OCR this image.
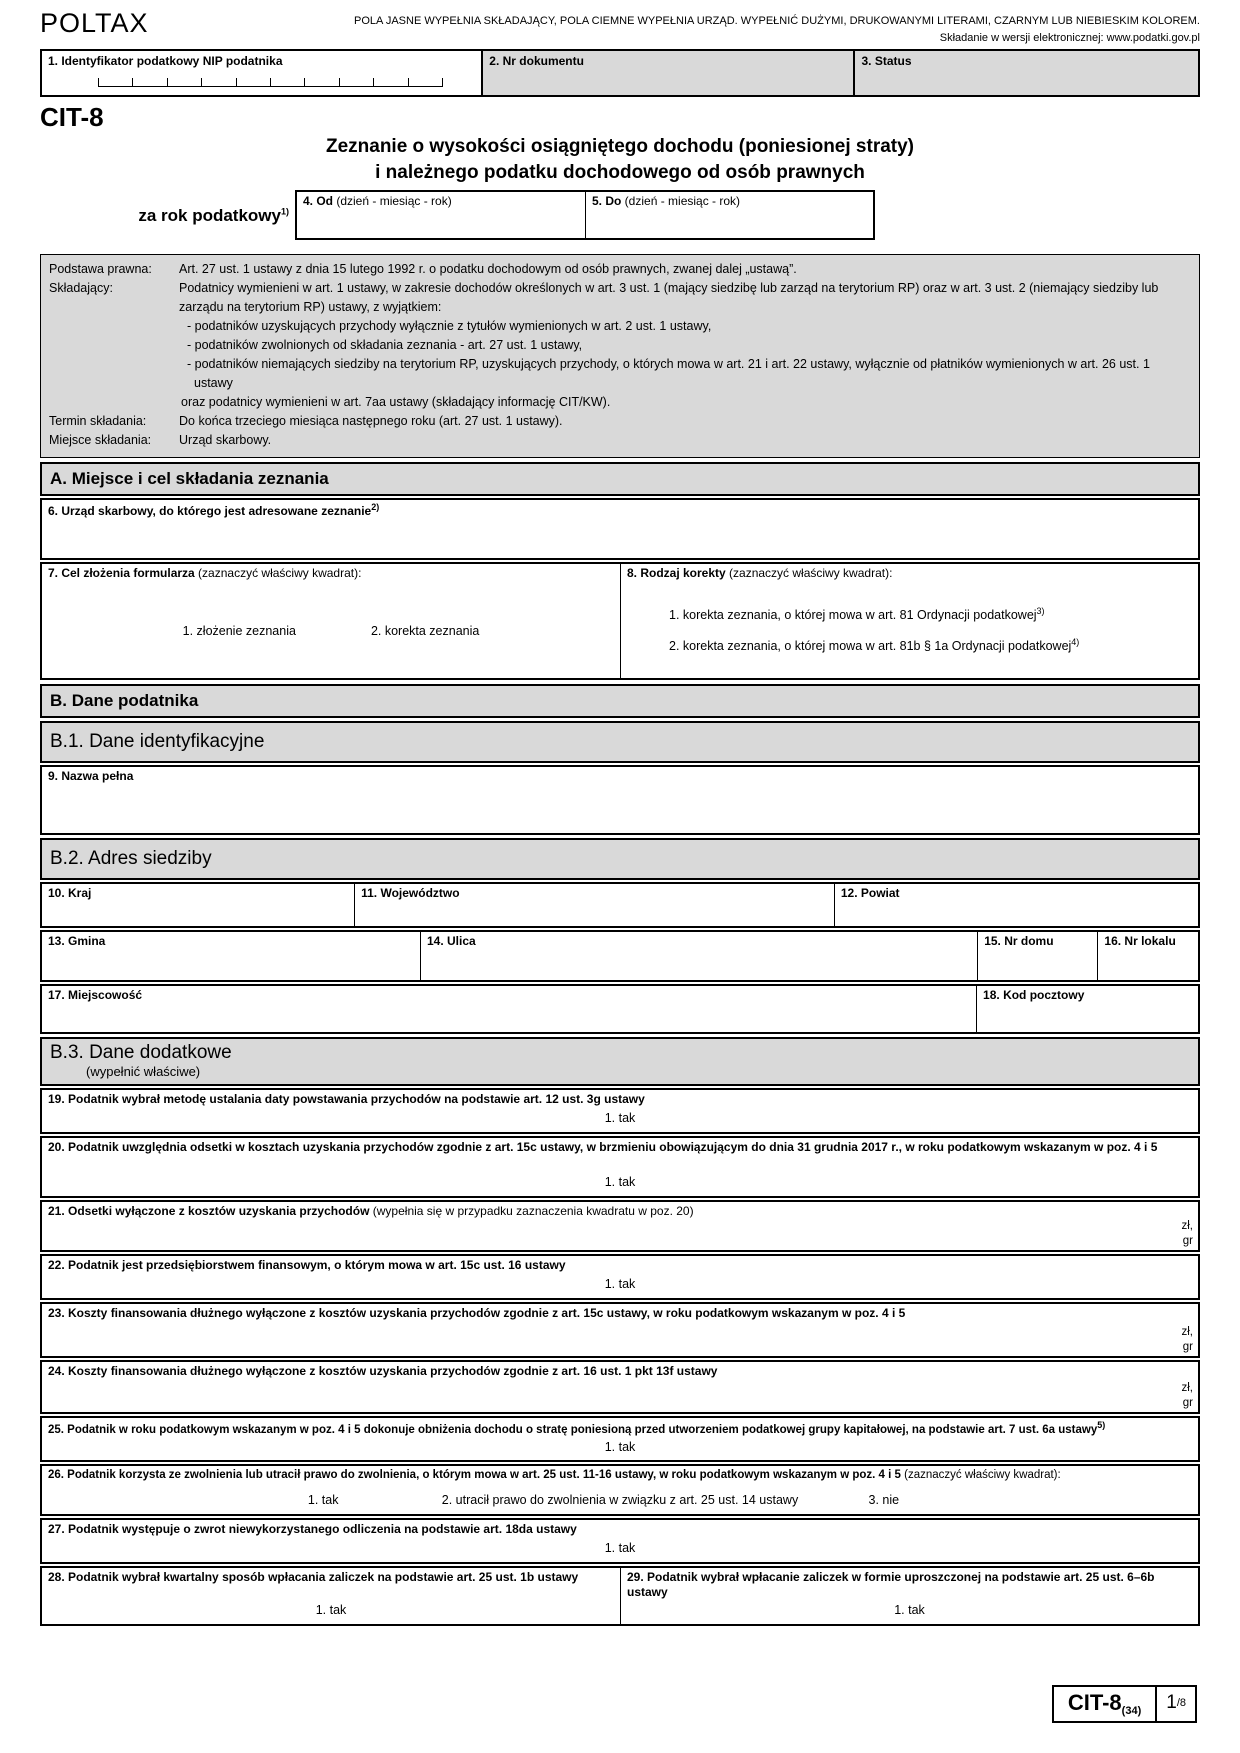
POLTAX	POLA JASNE WYPEŁNIA SKŁADAJĄCY, POLA CIEMNE WYPEŁNIA URZĄD. WYPEŁNIĆ DUŻYMI, DRUKOWANYMI LITERAMI, CZARNYM LUB NIEBIESKIM KOLOREM.
Składanie w wersji elektronicznej: www.podatki.gov.pl
1. Identyfikator podatkowy NIP podatnika	2. Nr dokumentu	3. Status
CIT-8
Zeznanie o wysokości osiągniętego dochodu (poniesionej straty)
i należnego podatku dochodowego od osób prawnych
za rok podatkowy$^{1)}$
4. Od (dzień - miesiąc - rok)	5. Do (dzień - miesiąc - rok)
Podstawa prawna:	Art. 27 ust. 1 ustawy z dnia 15 lutego 1992 r. o podatku dochodowym od osób prawnych, zwanej dalej „ustawą”.
Składający:	Podatnicy wymienieni w art. 1 ustawy, w zakresie dochodów określonych w art. 3 ust. 1 (mający siedzibę lub zarząd na terytorium RP) oraz w art. 3 ust. 2 (niemający siedziby lub zarządu na terytorium RP) ustawy, z wyjątkiem:
- podatników uzyskujących przychody wyłącznie z tytułów wymienionych w art. 2 ust. 1 ustawy,
- podatników zwolnionych od składania zeznania - art. 27 ust. 1 ustawy,
- podatników niemających siedziby na terytorium RP, uzyskujących przychody, o których mowa w art. 21 i art. 22 ustawy, wyłącznie od płatników wymienionych w art. 26 ust. 1 ustawy
oraz podatnicy wymienieni w art. 7aa ustawy (składający informację CIT/KW).
Termin składania:	Do końca trzeciego miesiąca następnego roku (art. 27 ust. 1 ustawy).
Miejsce składania:	Urząd skarbowy.
A. Miejsce i cel składania zeznania
6. Urząd skarbowy, do którego jest adresowane zeznanie$^{2)}$
7. Cel złożenia formularza (zaznaczyć właściwy kwadrat):
1. złożenie zeznania	2. korekta zeznania
8. Rodzaj korekty (zaznaczyć właściwy kwadrat):
1. korekta zeznania, o której mowa w art. 81 Ordynacji podatkowej$^{3)}$
2. korekta zeznania, o której mowa w art. 81b § 1a Ordynacji podatkowej$^{4)}$
B. Dane podatnika
B.1. Dane identyfikacyjne
9. Nazwa pełna
B.2. Adres siedziby
10. Kraj	11. Województwo	12. Powiat
13. Gmina	14. Ulica	15. Nr domu	16. Nr lokalu
17. Miejscowość	18. Kod pocztowy
B.3. Dane dodatkowe
(wypełnić właściwe)
19. Podatnik wybrał metodę ustalania daty powstawania przychodów na podstawie art. 12 ust. 3g ustawy
1. tak
20. Podatnik uwzględnia odsetki w kosztach uzyskania przychodów zgodnie z art. 15c ustawy, w brzmieniu obowiązującym do dnia 31 grudnia 2017 r., w roku podatkowym wskazanym w poz. 4 i 5
1. tak
21. Odsetki wyłączone z kosztów uzyskania przychodów (wypełnia się w przypadku zaznaczenia kwadratu w poz. 20)
zł,
gr
22. Podatnik jest przedsiębiorstwem finansowym, o którym mowa w art. 15c ust. 16 ustawy
1. tak
23. Koszty finansowania dłużnego wyłączone z kosztów uzyskania przychodów zgodnie z art. 15c ustawy, w roku podatkowym wskazanym w poz. 4 i 5
zł,
gr
24. Koszty finansowania dłużnego wyłączone z kosztów uzyskania przychodów zgodnie z art. 16 ust. 1 pkt 13f ustawy
zł,
gr
25. Podatnik w roku podatkowym wskazanym w poz. 4 i 5 dokonuje obniżenia dochodu o stratę poniesioną przed utworzeniem podatkowej grupy kapitałowej, na podstawie art. 7 ust. 6a ustawy$^{5)}$
1. tak
26. Podatnik korzysta ze zwolnienia lub utracił prawo do zwolnienia, o którym mowa w art. 25 ust. 11-16 ustawy, w roku podatkowym wskazanym w poz. 4 i 5 (zaznaczyć właściwy kwadrat):
1. tak	2. utracił prawo do zwolnienia w związku z art. 25 ust. 14 ustawy	3. nie
27. Podatnik występuje o zwrot niewykorzystanego odliczenia na podstawie art. 18da ustawy
1. tak
28. Podatnik wybrał kwartalny sposób wpłacania zaliczek na podstawie art. 25 ust. 1b ustawy
1. tak
29. Podatnik wybrał wpłacanie zaliczek w formie uproszczonej na podstawie art. 25 ust. 6–6b ustawy
1. tak
CIT-8(34)	1 /8
